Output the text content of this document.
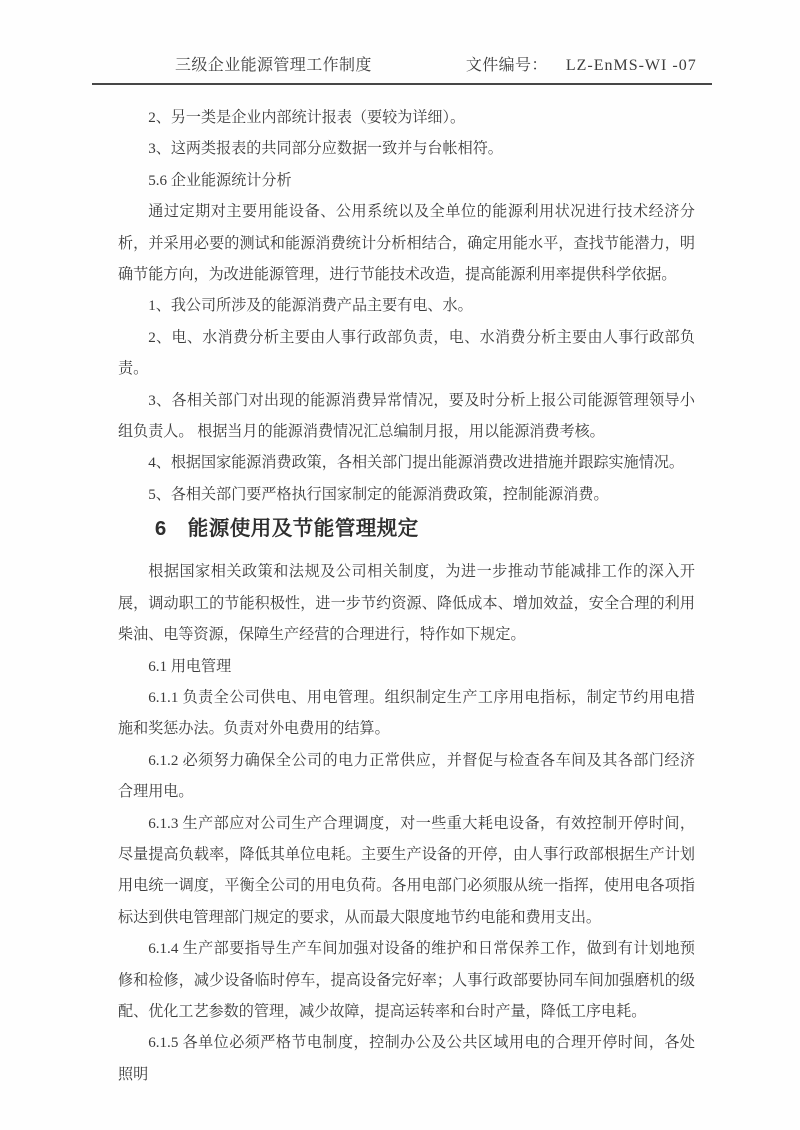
三级企业能源管理工作制度	文件编号： LZ-EnMS-WI -07

2、另一类是企业内部统计报表（要较为详细）。

3、这两类报表的共同部分应数据一致并与台帐相符。

5.6 企业能源统计分析

通过定期对主要用能设备、公用系统以及全单位的能源利用状况进行技术经济分析，并采用必要的测试和能源消费统计分析相结合，确定用能水平，查找节能潜力，明确节能方向，为改进能源管理，进行节能技术改造，提高能源利用率提供科学依据。

1、我公司所涉及的能源消费产品主要有电、水。

2、电、水消费分析主要由人事行政部负责，电、水消费分析主要由人事行政部负责。

3、各相关部门对出现的能源消费异常情况，要及时分析上报公司能源管理领导小组负责人。 根据当月的能源消费情况汇总编制月报，用以能源消费考核。

4、根据国家能源消费政策，各相关部门提出能源消费改进措施并跟踪实施情况。

5、各相关部门要严格执行国家制定的能源消费政策，控制能源消费。

6　能源使用及节能管理规定

根据国家相关政策和法规及公司相关制度，为进一步推动节能减排工作的深入开展，调动职工的节能积极性，进一步节约资源、降低成本、增加效益，安全合理的利用柴油、电等资源，保障生产经营的合理进行，特作如下规定。

6.1 用电管理

6.1.1 负责全公司供电、用电管理。组织制定生产工序用电指标，制定节约用电措施和奖惩办法。负责对外电费用的结算。

6.1.2 必须努力确保全公司的电力正常供应，并督促与检查各车间及其各部门经济合理用电。

6.1.3 生产部应对公司生产合理调度，对一些重大耗电设备，有效控制开停时间，尽量提高负载率，降低其单位电耗。主要生产设备的开停，由人事行政部根据生产计划用电统一调度，平衡全公司的用电负荷。各用电部门必须服从统一指挥，使用电各项指标达到供电管理部门规定的要求，从而最大限度地节约电能和费用支出。

6.1.4 生产部要指导生产车间加强对设备的维护和日常保养工作，做到有计划地预修和检修，减少设备临时停车，提高设备完好率；人事行政部要协同车间加强磨机的级配、优化工艺参数的管理，减少故障，提高运转率和台时产量，降低工序电耗。

6.1.5 各单位必须严格节电制度，控制办公及公共区域用电的合理开停时间，各处照明
